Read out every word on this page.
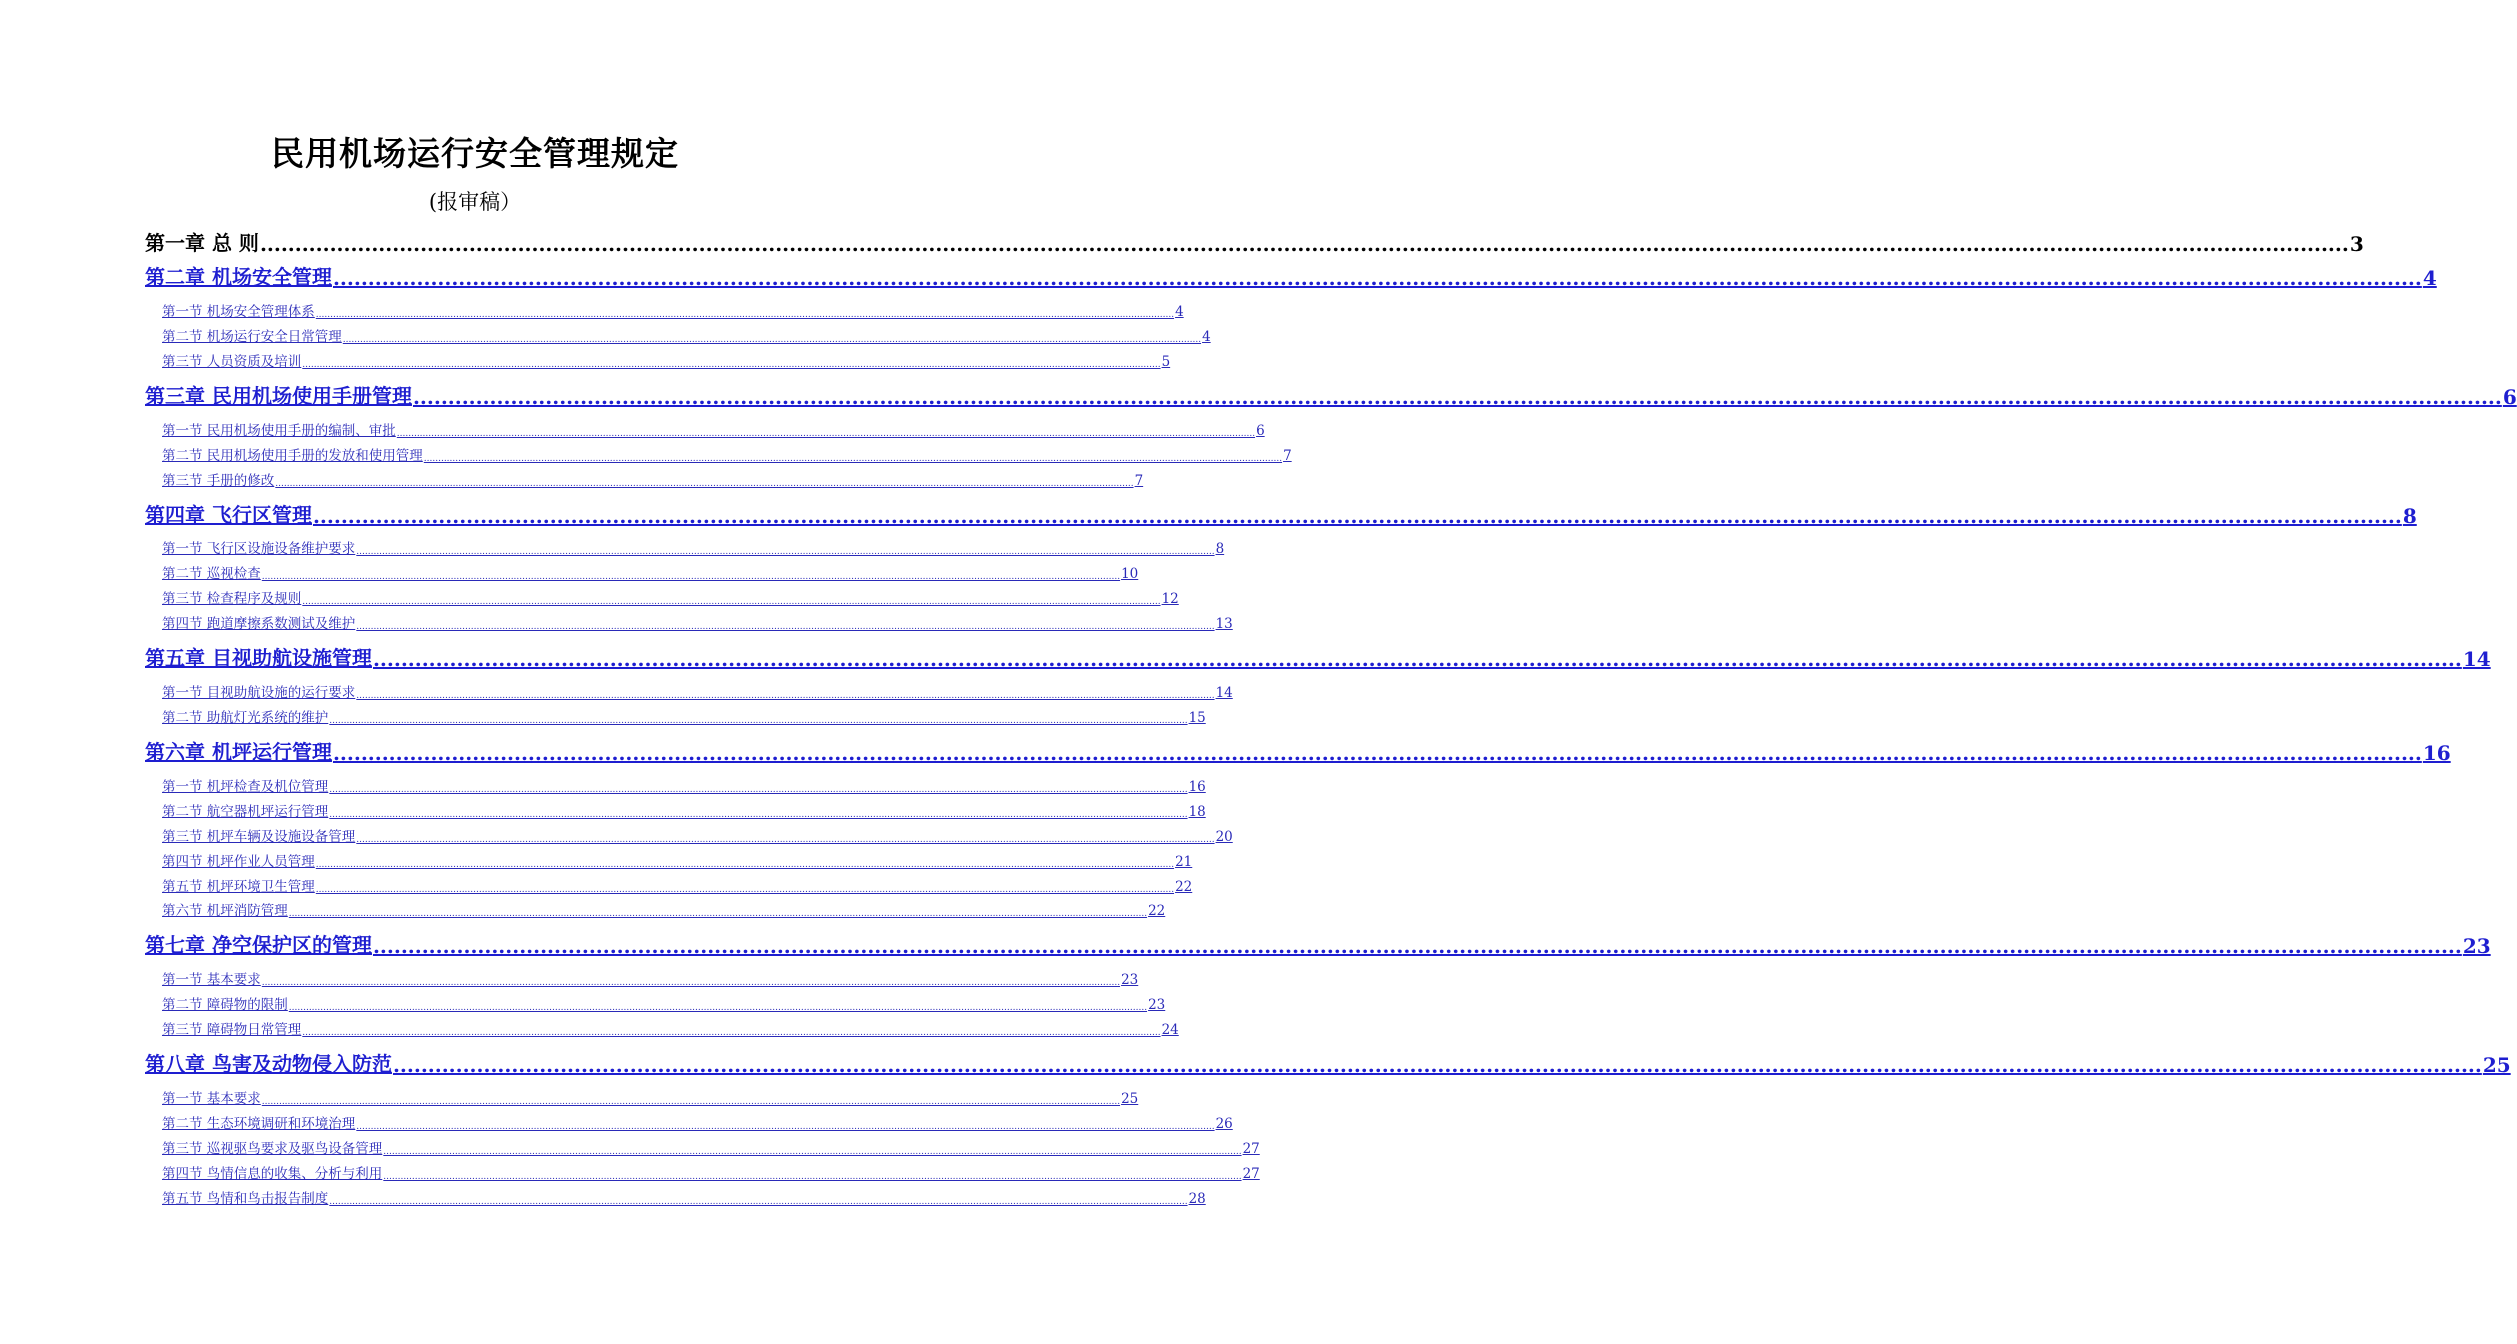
民用机场运行安全管理规定
(报审稿）
第一章 总 则 ............................................................................................................................................................................................................................................................................................................ 3
第二章 机场安全管理 ............................................................................................................................................................................................................................................................................................................ 4
第一节 机场安全管理体系 ............................................................................................................................................................................................................................................................................................................ 4
第二节 机场运行安全日常管理 ............................................................................................................................................................................................................................................................................................................ 4
第三节 人员资质及培训 ............................................................................................................................................................................................................................................................................................................ 5
第三章 民用机场使用手册管理 ............................................................................................................................................................................................................................................................................................................ 6
第一节 民用机场使用手册的编制、审批 ............................................................................................................................................................................................................................................................................................................ 6
第二节 民用机场使用手册的发放和使用管理 ............................................................................................................................................................................................................................................................................................................ 7
第三节 手册的修改 ............................................................................................................................................................................................................................................................................................................ 7
第四章 飞行区管理 ............................................................................................................................................................................................................................................................................................................ 8
第一节 飞行区设施设备维护要求 ............................................................................................................................................................................................................................................................................................................ 8
第二节 巡视检查 ............................................................................................................................................................................................................................................................................................................ 10
第三节 检查程序及规则 ............................................................................................................................................................................................................................................................................................................ 12
第四节 跑道摩擦系数测试及维护 ............................................................................................................................................................................................................................................................................................................ 13
第五章 目视助航设施管理 ............................................................................................................................................................................................................................................................................................................ 14
第一节 目视助航设施的运行要求 ............................................................................................................................................................................................................................................................................................................ 14
第二节 助航灯光系统的维护 ............................................................................................................................................................................................................................................................................................................ 15
第六章 机坪运行管理 ............................................................................................................................................................................................................................................................................................................ 16
第一节 机坪检查及机位管理 ............................................................................................................................................................................................................................................................................................................ 16
第二节 航空器机坪运行管理 ............................................................................................................................................................................................................................................................................................................ 18
第三节 机坪车辆及设施设备管理 ............................................................................................................................................................................................................................................................................................................ 20
第四节 机坪作业人员管理 ............................................................................................................................................................................................................................................................................................................ 21
第五节 机坪环境卫生管理 ............................................................................................................................................................................................................................................................................................................ 22
第六节 机坪消防管理 ............................................................................................................................................................................................................................................................................................................ 22
第七章 净空保护区的管理 ............................................................................................................................................................................................................................................................................................................ 23
第一节 基本要求 ............................................................................................................................................................................................................................................................................................................ 23
第二节 障碍物的限制 ............................................................................................................................................................................................................................................................................................................ 23
第三节 障碍物日常管理 ............................................................................................................................................................................................................................................................................................................ 24
第八章 鸟害及动物侵入防范 ............................................................................................................................................................................................................................................................................................................ 25
第一节 基本要求 ............................................................................................................................................................................................................................................................................................................ 25
第二节 生态环境调研和环境治理 ............................................................................................................................................................................................................................................................................................................ 26
第三节 巡视驱鸟要求及驱鸟设备管理 ............................................................................................................................................................................................................................................................................................................ 27
第四节 鸟情信息的收集、分析与利用 ............................................................................................................................................................................................................................................................................................................ 27
第五节 鸟情和鸟击报告制度 ............................................................................................................................................................................................................................................................................................................ 28
